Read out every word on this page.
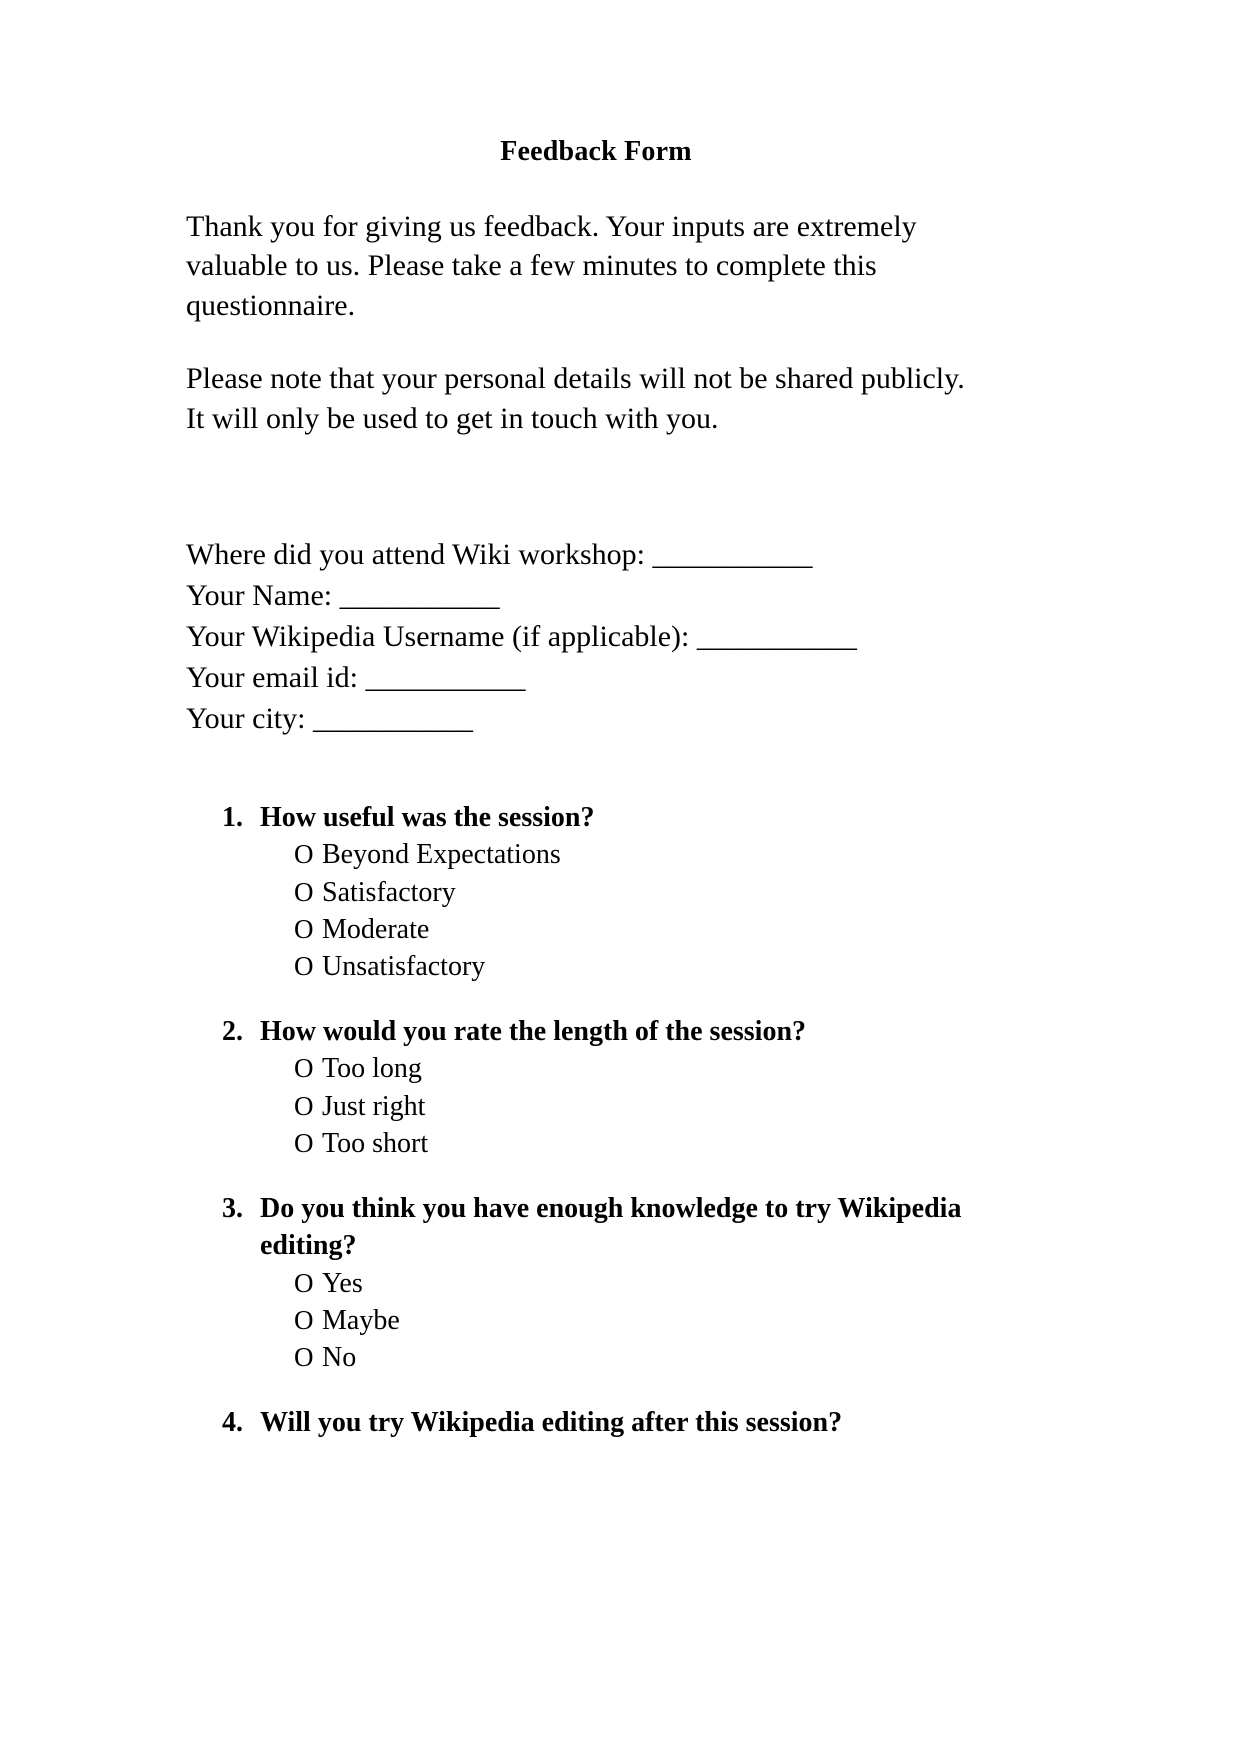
Feedback Form

Thank you for giving us feedback. Your inputs are extremely valuable to us. Please take a few minutes to complete this questionnaire.

Please note that your personal details will not be shared publicly. It will only be used to get in touch with you.

Where did you attend Wiki workshop: ___________
Your Name: ___________
Your Wikipedia Username (if applicable): ___________
Your email id: ___________
Your city: ___________
1. How useful was the session?
O Beyond Expectations
O Satisfactory
O Moderate
O Unsatisfactory
2. How would you rate the length of the session?
O Too long
O Just right
O Too short
3. Do you think you have enough knowledge to try Wikipedia editing?
O Yes
O Maybe
O No
4. Will you try Wikipedia editing after this session?
